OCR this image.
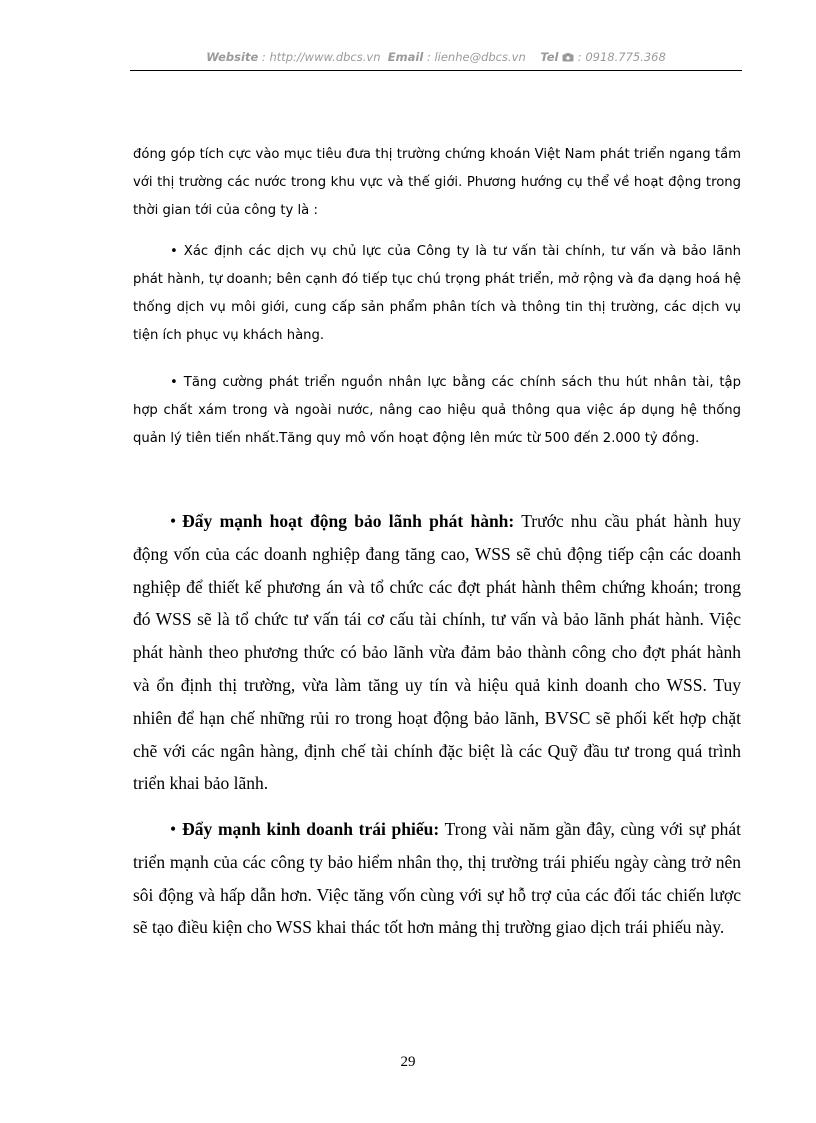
Website : http://www.dbcs.vn Email : lienhe@dbcs.vn Tel : 0918.775.368
đóng góp tích cực vào mục tiêu đưa thị trường chứng khoán Việt Nam phát triển ngang tầm với thị trường các nước trong khu vực và thế giới. Phương hướng cụ thể về hoạt động trong thời gian tới của công ty là :
• Xác định các dịch vụ chủ lực của Công ty là tư vấn tài chính, tư vấn và bảo lãnh phát hành, tự doanh; bên cạnh đó tiếp tục chú trọng phát triển, mở rộng và đa dạng hoá hệ thống dịch vụ môi giới, cung cấp sản phẩm phân tích và thông tin thị trường, các dịch vụ tiện ích phục vụ khách hàng.
• Tăng cường phát triển nguồn nhân lực bằng các chính sách thu hút nhân tài, tập hợp chất xám trong và ngoài nước, nâng cao hiệu quả thông qua việc áp dụng hệ thống quản lý tiên tiến nhất.Tăng quy mô vốn hoạt động lên mức từ 500 đến 2.000 tỷ đồng.
• Đẩy mạnh hoạt động bảo lãnh phát hành: Trước nhu cầu phát hành huy động vốn của các doanh nghiệp đang tăng cao, WSS sẽ chủ động tiếp cận các doanh nghiệp để thiết kế phương án và tổ chức các đợt phát hành thêm chứng khoán; trong đó WSS sẽ là tổ chức tư vấn tái cơ cấu tài chính, tư vấn và bảo lãnh phát hành. Việc phát hành theo phương thức có bảo lãnh vừa đảm bảo thành công cho đợt phát hành và ổn định thị trường, vừa làm tăng uy tín và hiệu quả kinh doanh cho WSS. Tuy nhiên để hạn chế những rủi ro trong hoạt động bảo lãnh, BVSC sẽ phối kết hợp chặt chẽ với các ngân hàng, định chế tài chính đặc biệt là các Quỹ đầu tư trong quá trình triển khai bảo lãnh.
• Đẩy mạnh kinh doanh trái phiếu: Trong vài năm gần đây, cùng với sự phát triển mạnh của các công ty bảo hiểm nhân thọ, thị trường trái phiếu ngày càng trở nên sôi động và hấp dẫn hơn. Việc tăng vốn cùng với sự hỗ trợ của các đối tác chiến lược sẽ tạo điều kiện cho WSS khai thác tốt hơn mảng thị trường giao dịch trái phiếu này.
29
